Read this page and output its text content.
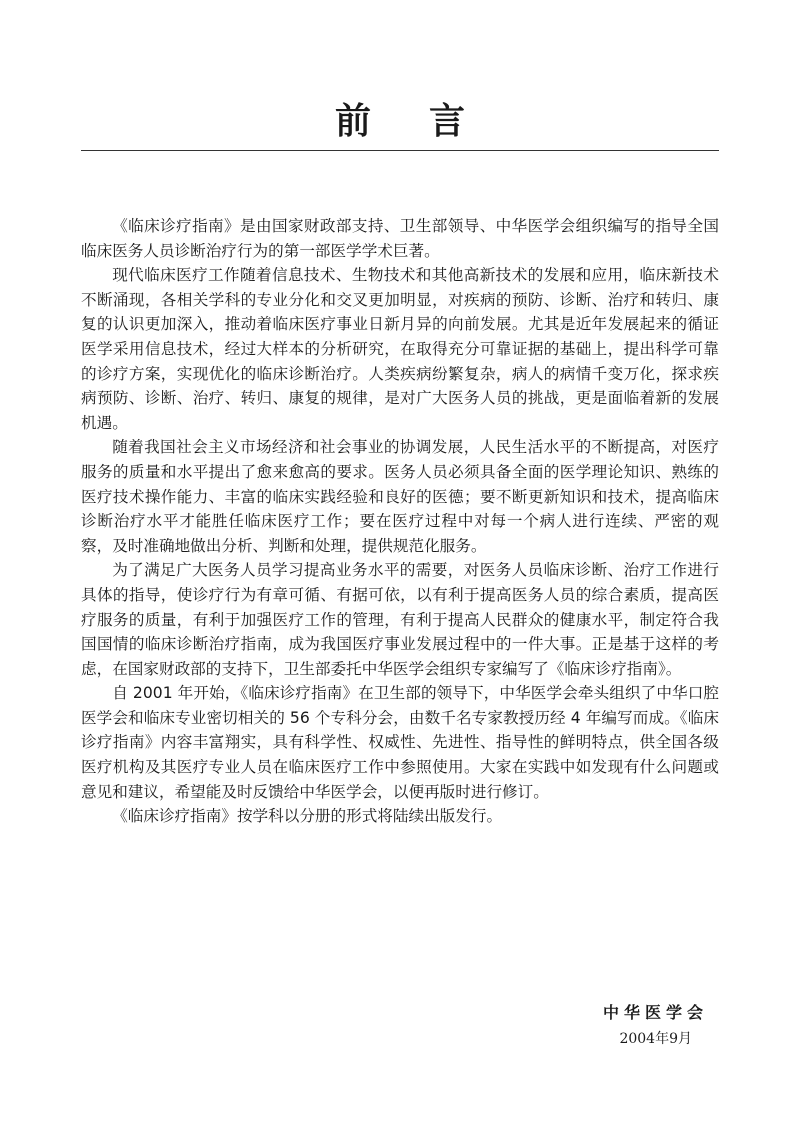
前言

《临床诊疗指南》是由国家财政部支持、卫生部领导、中华医学会组织编写的指导全国临床医务人员诊断治疗行为的第一部医学学术巨著。

现代临床医疗工作随着信息技术、生物技术和其他高新技术的发展和应用，临床新技术不断涌现，各相关学科的专业分化和交叉更加明显，对疾病的预防、诊断、治疗和转归、康复的认识更加深入，推动着临床医疗事业日新月异的向前发展。尤其是近年发展起来的循证医学采用信息技术，经过大样本的分析研究，在取得充分可靠证据的基础上，提出科学可靠的诊疗方案，实现优化的临床诊断治疗。人类疾病纷繁复杂，病人的病情千变万化，探求疾病预防、诊断、治疗、转归、康复的规律，是对广大医务人员的挑战，更是面临着新的发展机遇。

随着我国社会主义市场经济和社会事业的协调发展，人民生活水平的不断提高，对医疗服务的质量和水平提出了愈来愈高的要求。医务人员必须具备全面的医学理论知识、熟练的医疗技术操作能力、丰富的临床实践经验和良好的医德；要不断更新知识和技术，提高临床诊断治疗水平才能胜任临床医疗工作；要在医疗过程中对每一个病人进行连续、严密的观察，及时准确地做出分析、判断和处理，提供规范化服务。

为了满足广大医务人员学习提高业务水平的需要，对医务人员临床诊断、治疗工作进行具体的指导，使诊疗行为有章可循、有据可依，以有利于提高医务人员的综合素质，提高医疗服务的质量，有利于加强医疗工作的管理，有利于提高人民群众的健康水平，制定符合我国国情的临床诊断治疗指南，成为我国医疗事业发展过程中的一件大事。正是基于这样的考虑，在国家财政部的支持下，卫生部委托中华医学会组织专家编写了《临床诊疗指南》。

自 2001 年开始，《临床诊疗指南》在卫生部的领导下，中华医学会牵头组织了中华口腔医学会和临床专业密切相关的 56 个专科分会，由数千名专家教授历经 4 年编写而成。《临床诊疗指南》内容丰富翔实，具有科学性、权威性、先进性、指导性的鲜明特点，供全国各级医疗机构及其医疗专业人员在临床医疗工作中参照使用。大家在实践中如发现有什么问题或意见和建议，希望能及时反馈给中华医学会，以便再版时进行修订。

《临床诊疗指南》按学科以分册的形式将陆续出版发行。

中华医学会
2004年9月
